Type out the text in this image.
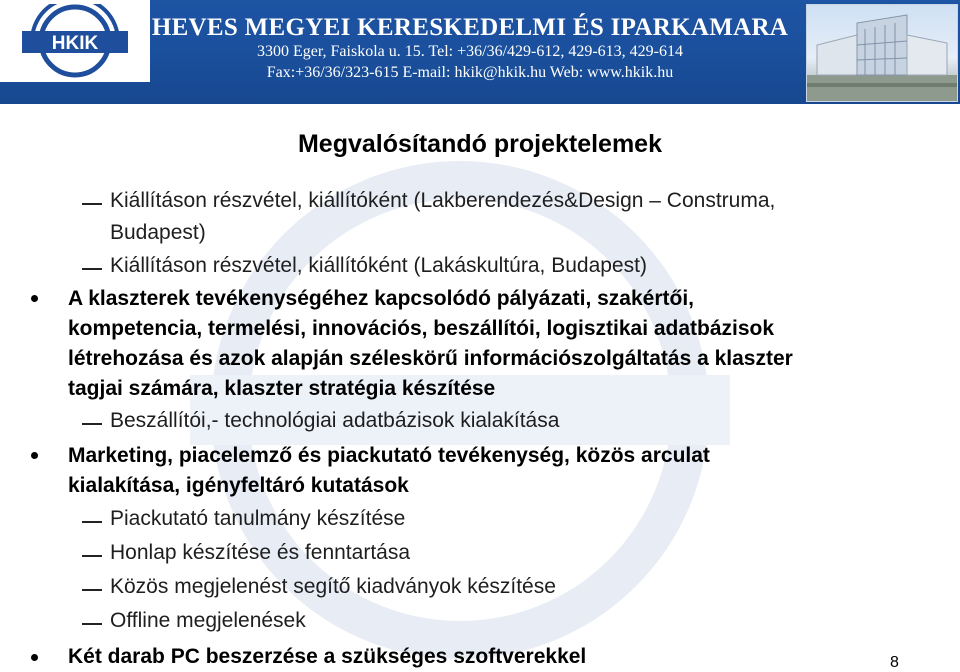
HKIK
HEVES MEGYEI KERESKEDELMI ÉS IPARKAMARA
3300 Eger, Faiskola u. 15. Tel: +36/36/429-612, 429-613, 429-614
Fax:+36/36/323-615 E-mail: hkik@hkik.hu Web: www.hkik.hu
Megvalósítandó projektelemek
Kiállításon részvétel, kiállítóként (Lakberendezés&Design – Construma,
Budapest)
Kiállításon részvétel, kiállítóként (Lakáskultúra, Budapest)
A klaszterek tevékenységéhez kapcsolódó pályázati, szakértői,
kompetencia, termelési, innovációs, beszállítói, logisztikai adatbázisok
létrehozása és azok alapján széleskörű információszolgáltatás a klaszter
tagjai számára, klaszter stratégia készítése
Beszállítói,- technológiai adatbázisok kialakítása
Marketing, piacelemző és piackutató tevékenység, közös arculat
kialakítása, igényfeltáró kutatások
Piackutató tanulmány készítése
Honlap készítése és fenntartása
Közös megjelenést segítő kiadványok készítése
Offline megjelenések
Két darab PC beszerzése a szükséges szoftverekkel	8
